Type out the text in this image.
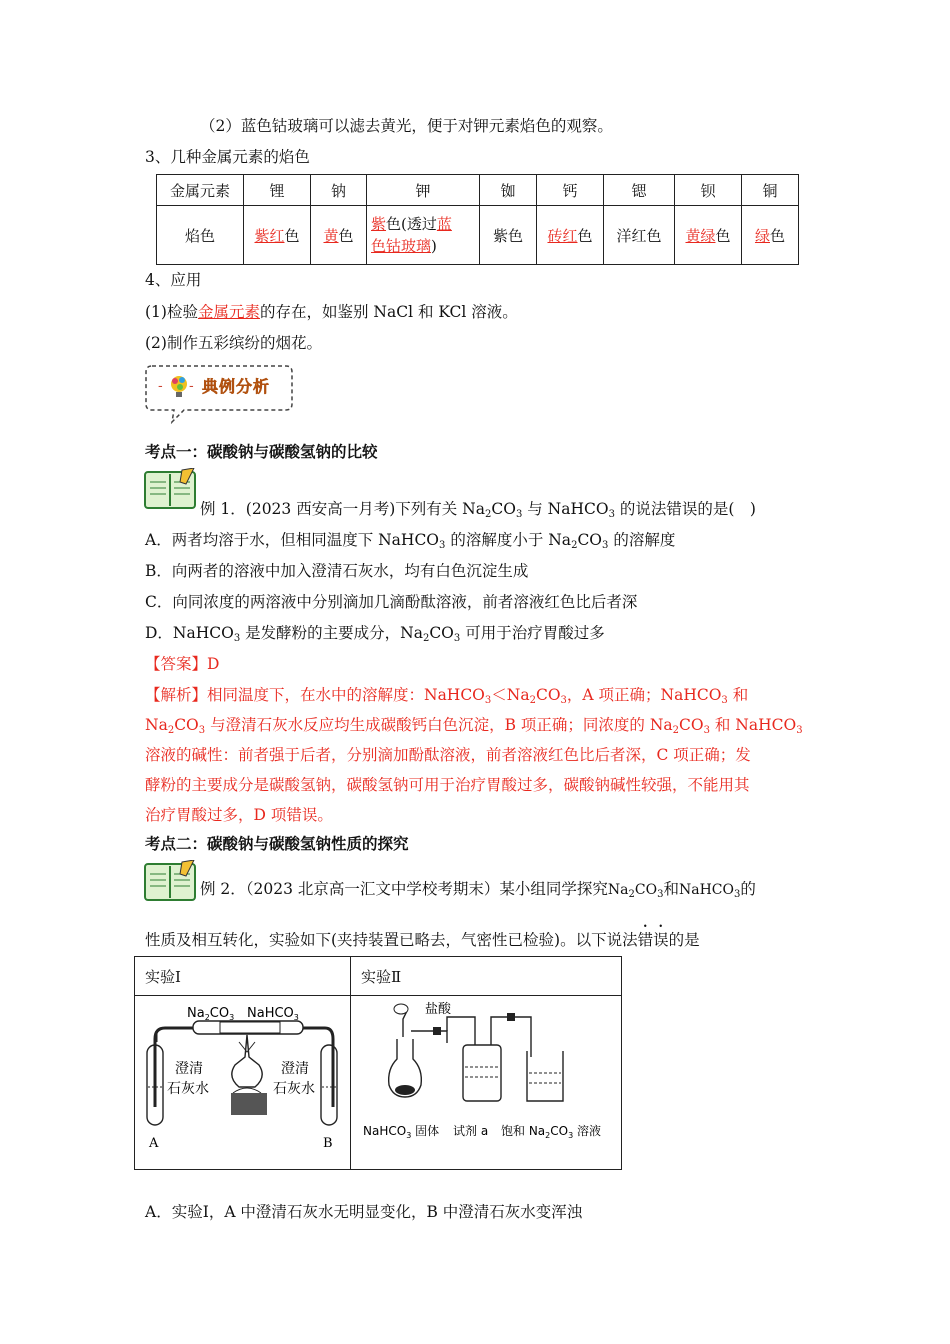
（2）蓝色钴玻璃可以滤去黄光，便于对钾元素焰色的观察。
3、几种金属元素的焰色
金属元素	锂	钠	钾	铷	钙	锶	钡	铜
焰色	紫红色	黄色	紫色(透过蓝
色钴玻璃)	紫色	砖红色	洋红色	黄绿色	绿色
4、应用
(1)检验金属元素的存在，如鉴别 NaCl 和 KCl 溶液。
(2)制作五彩缤纷的烟花。
- - 典例分析
考点一：碳酸钠与碳酸氢钠的比较
例 1．(2023 西安高一月考)下列有关 $Na_2CO_3$ 与 NaHCO$_3$ 的说法错误的是(　)
A．两者均溶于水，但相同温度下 NaHCO$_3$ 的溶解度小于 $Na_2CO_3$ 的溶解度
B．向两者的溶液中加入澄清石灰水，均有白色沉淀生成
C．向同浓度的两溶液中分别滴加几滴酚酞溶液，前者溶液红色比后者深
D．NaHCO$_3$ 是发酵粉的主要成分，$Na_2CO_3$ 可用于治疗胃酸过多
【答案】D
【解析】相同温度下，在水中的溶解度：$NaHCO_3<Na_2CO_3$，A 项正确；NaHCO$_3$ 和
$Na_2CO_3$ 与澄清石灰水反应均生成碳酸钙白色沉淀，B 项正确；同浓度的 $Na_2CO_3$ 和 NaHCO$_3$
溶液的碱性：前者强于后者，分别滴加酚酞溶液，前者溶液红色比后者深，C 项正确；发
酵粉的主要成分是碳酸氢钠，碳酸氢钠可用于治疗胃酸过多，碳酸钠碱性较强，不能用其
治疗胃酸过多，D 项错误。
考点二：碳酸钠与碳酸氢钠性质的探究
例 2．（2023 北京高一汇文中学校考期末）某小组同学探究$Na_2CO_3$和NaHCO$_3$的
性质及相互转化，实验如下(夹持装置已略去，气密性已检验)。以下说法错误的是
实验Ⅰ	实验Ⅱ
$Na_2CO_3$ NaHCO$_3$
澄清
石灰水
澄清
石灰水
A	B
盐酸
NaHCO$_3$ 固体 试剂 a 饱和 $Na_2CO_3$ 溶液
A．实验Ⅰ，A 中澄清石灰水无明显变化，B 中澄清石灰水变浑浊
